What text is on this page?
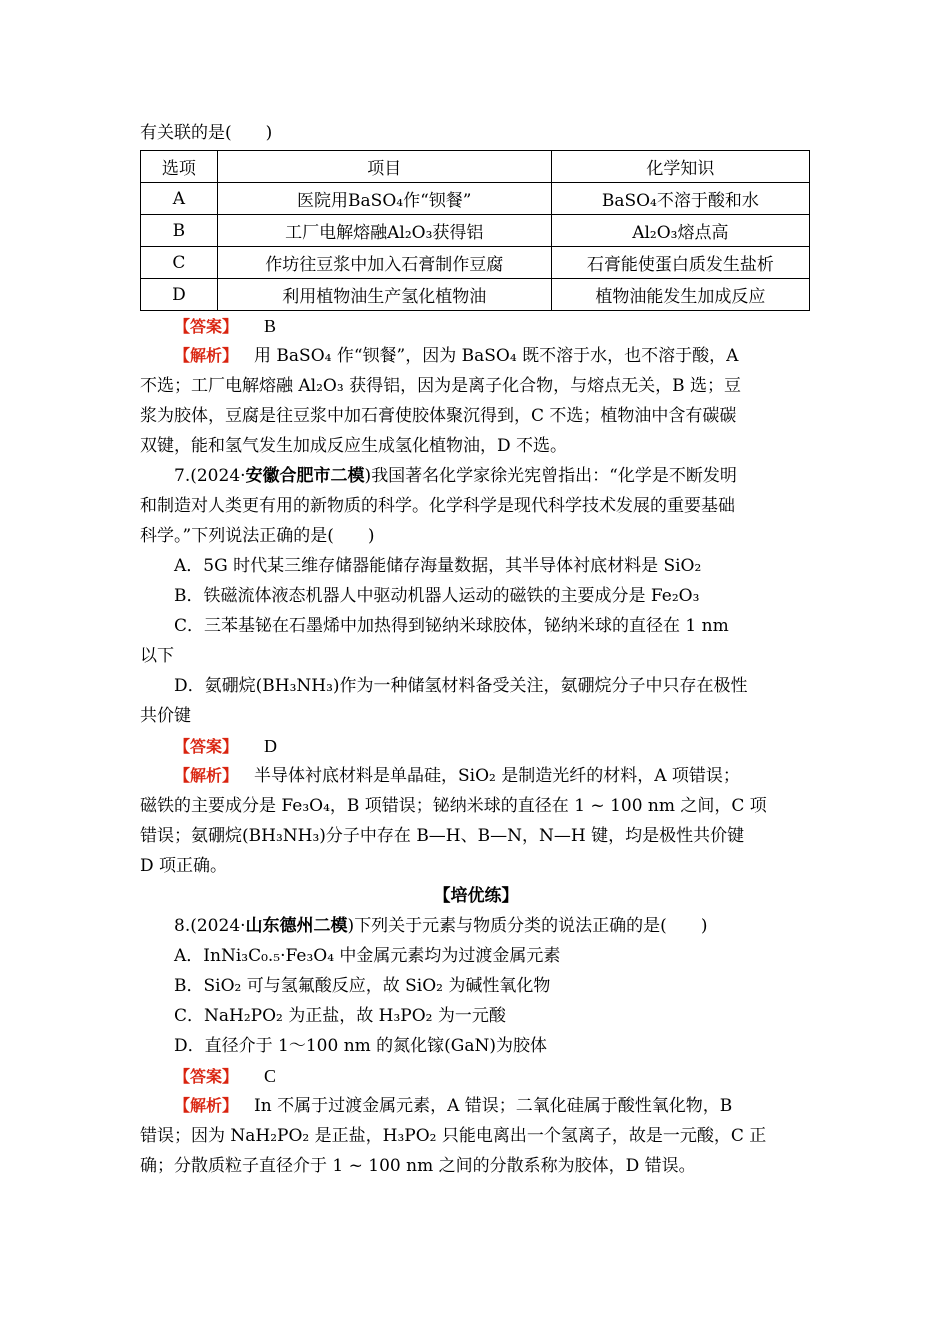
有关联的是(　　)
选项	项目	化学知识
A	医院用BaSO₄作“钡餐”	BaSO₄不溶于酸和水
B	工厂电解熔融Al₂O₃获得铝	Al₂O₃熔点高
C	作坊往豆浆中加入石膏制作豆腐	石膏能使蛋白质发生盐析
D	利用植物油生产氢化植物油	植物油能发生加成反应
【答案】 B
【解析】 用 BaSO₄ 作“钡餐”，因为 BaSO₄ 既不溶于水，也不溶于酸，A
不选；工厂电解熔融 Al₂O₃ 获得铝，因为是离子化合物，与熔点无关，B 选；豆
浆为胶体，豆腐是往豆浆中加石膏使胶体聚沉得到，C 不选；植物油中含有碳碳
双键，能和氢气发生加成反应生成氢化植物油，D 不选。
7.(2024·安徽合肥市二模)我国著名化学家徐光宪曾指出：“化学是不断发明
和制造对人类更有用的新物质的科学。化学科学是现代科学技术发展的重要基础
科学。”下列说法正确的是(　　)
A．5G 时代某三维存储器能储存海量数据，其半导体衬底材料是 SiO₂
B．铁磁流体液态机器人中驱动机器人运动的磁铁的主要成分是 Fe₂O₃
C．三苯基铋在石墨烯中加热得到铋纳米球胶体，铋纳米球的直径在 1 nm
以下
D．氨硼烷(BH₃NH₃)作为一种储氢材料备受关注，氨硼烷分子中只存在极性
共价键
【答案】 D
【解析】 半导体衬底材料是单晶硅，SiO₂ 是制造光纤的材料，A 项错误；
磁铁的主要成分是 Fe₃O₄，B 项错误；铋纳米球的直径在 1 ~ 100 nm 之间，C 项
错误；氨硼烷(BH₃NH₃)分子中存在 B—H、B—N，N—H 键，均是极性共价键
D 项正确。
【培优练】
8.(2024·山东德州二模)下列关于元素与物质分类的说法正确的是(　　)
A．InNi₃C₀.₅·Fe₃O₄ 中金属元素均为过渡金属元素
B．SiO₂ 可与氢氟酸反应，故 SiO₂ 为碱性氧化物
C．NaH₂PO₂ 为正盐，故 H₃PO₂ 为一元酸
D．直径介于 1～100 nm 的氮化镓(GaN)为胶体
【答案】 C
【解析】 In 不属于过渡金属元素，A 错误；二氧化硅属于酸性氧化物，B
错误；因为 NaH₂PO₂ 是正盐，H₃PO₂ 只能电离出一个氢离子，故是一元酸，C 正
确；分散质粒子直径介于 1 ~ 100 nm 之间的分散系称为胶体，D 错误。
